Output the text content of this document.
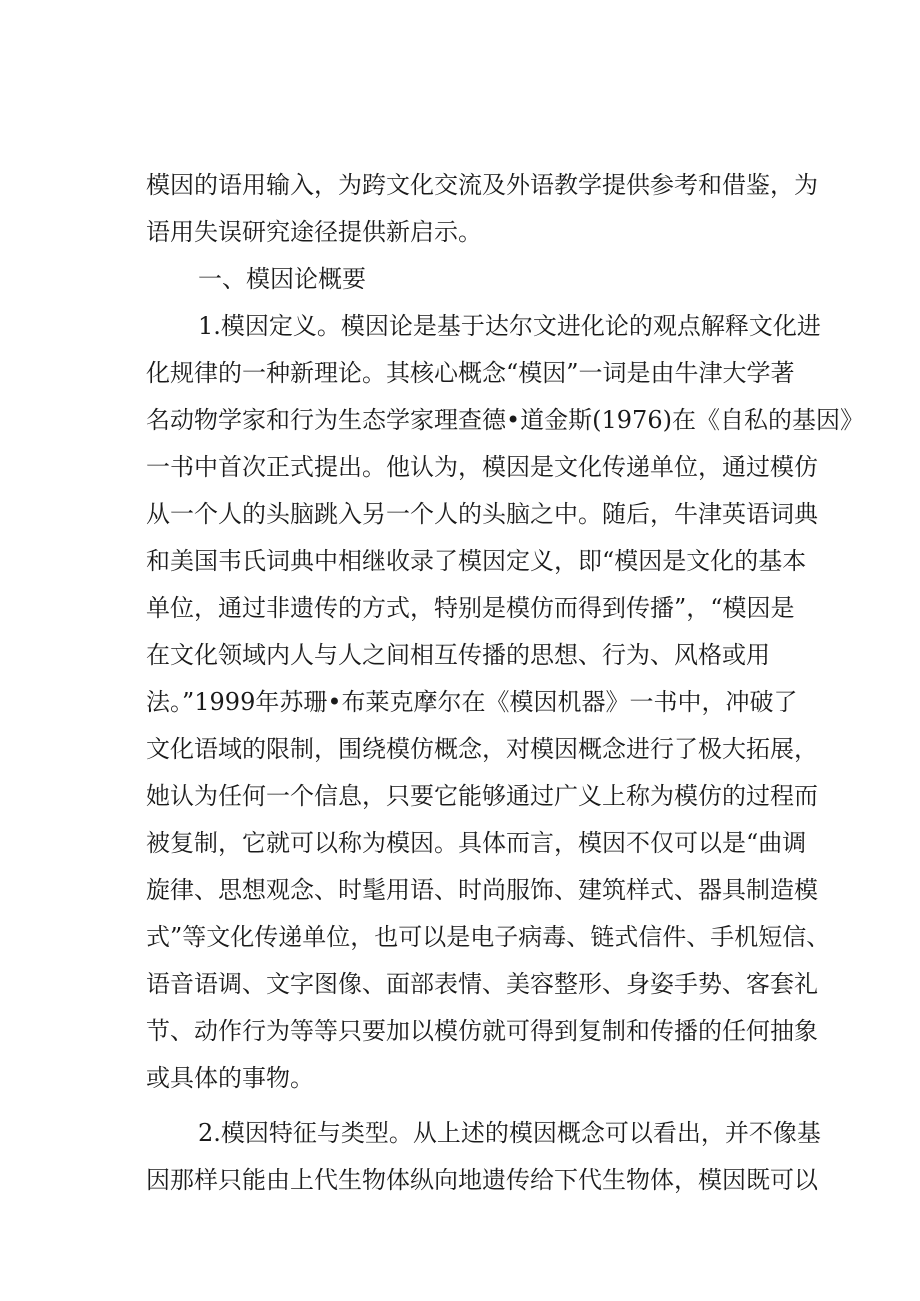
模因的语用输入，为跨文化交流及外语教学提供参考和借鉴，为

语用失误研究途径提供新启示。

一、模因论概要

1.模因定义。模因论是基于达尔文进化论的观点解释文化进

化规律的一种新理论。其核心概念“模因”一词是由牛津大学著

名动物学家和行为生态学家理查德•道金斯(1976)在《自私的基因》

一书中首次正式提出。他认为，模因是文化传递单位，通过模仿

从一个人的头脑跳入另一个人的头脑之中。随后，牛津英语词典

和美国韦氏词典中相继收录了模因定义，即“模因是文化的基本

单位，通过非遗传的方式，特别是模仿而得到传播”，“模因是

在文化领域内人与人之间相互传播的思想、行为、风格或用

法。”1999年苏珊•布莱克摩尔在《模因机器》一书中，冲破了

文化语域的限制，围绕模仿概念，对模因概念进行了极大拓展，

她认为任何一个信息，只要它能够通过广义上称为模仿的过程而

被复制，它就可以称为模因。具体而言，模因不仅可以是“曲调

旋律、思想观念、时髦用语、时尚服饰、建筑样式、器具制造模

式”等文化传递单位，也可以是电子病毒、链式信件、手机短信、

语音语调、文字图像、面部表情、美容整形、身姿手势、客套礼

节、动作行为等等只要加以模仿就可得到复制和传播的任何抽象

或具体的事物。

2.模因特征与类型。从上述的模因概念可以看出，并不像基

因那样只能由上代生物体纵向地遗传给下代生物体，模因既可以
